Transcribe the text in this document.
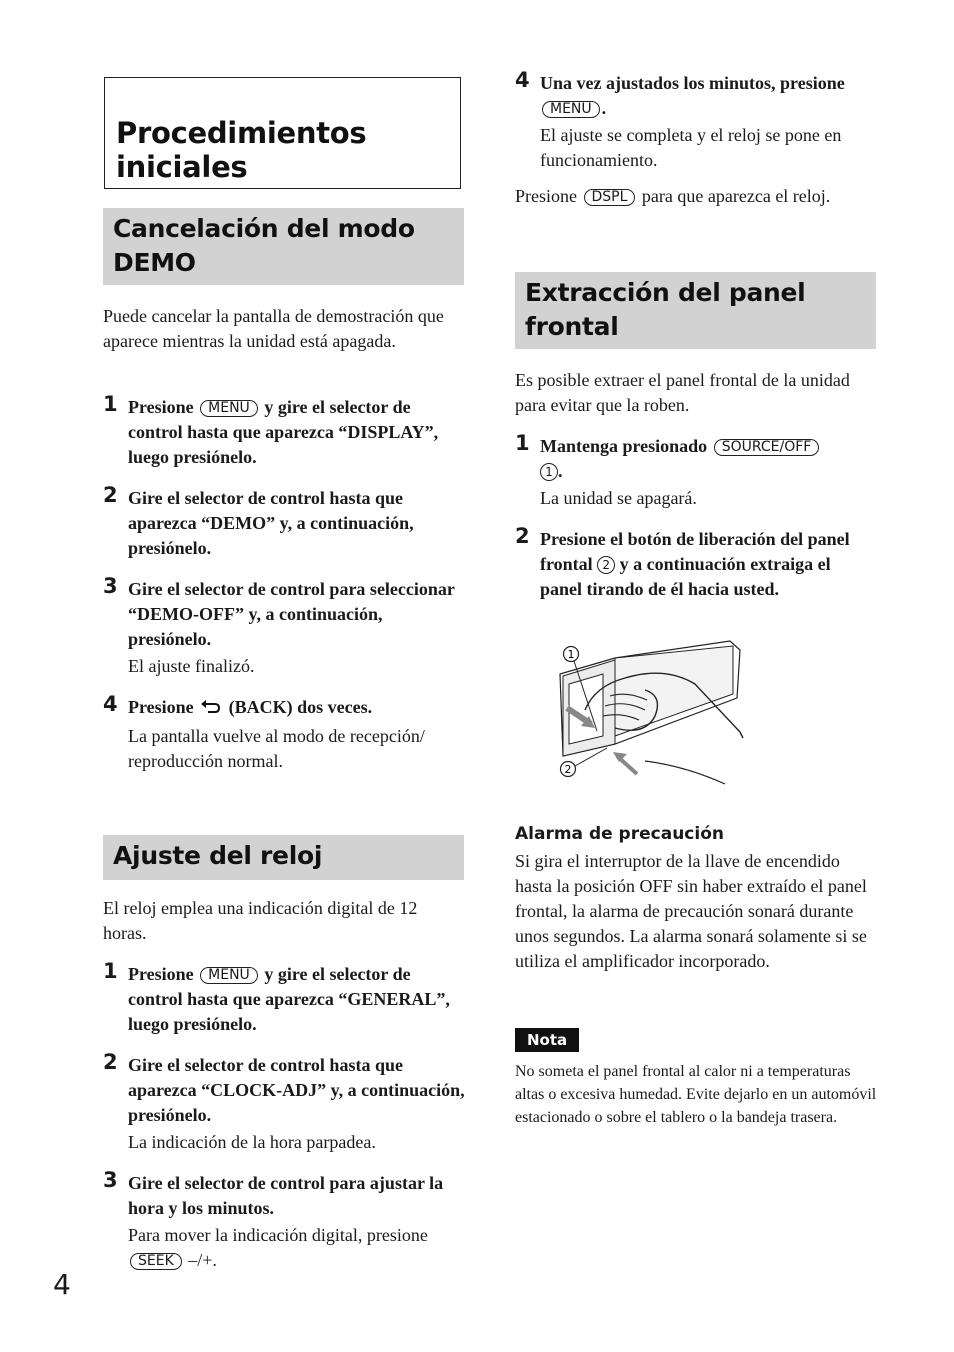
Procedimientos iniciales
Cancelación del modo DEMO

Puede cancelar la pantalla de demostración que aparece mientras la unidad está apagada.

1 Presione MENU y gire el selector de control hasta que aparezca “DISPLAY”, luego presiónelo.

2 Gire el selector de control hasta que aparezca “DEMO” y, a continuación, presiónelo.

3 Gire el selector de control para seleccionar “DEMO-OFF” y, a continuación, presiónelo.

El ajuste finalizó.

4 Presione (BACK) dos veces.

La pantalla vuelve al modo de recepción/ reproducción normal.

Ajuste del reloj

El reloj emplea una indicación digital de 12 horas.

1 Presione MENU y gire el selector de control hasta que aparezca “GENERAL”, luego presiónelo.

2 Gire el selector de control hasta que aparezca “CLOCK-ADJ” y, a continuación, presiónelo.

La indicación de la hora parpadea.

3 Gire el selector de control para ajustar la hora y los minutos.

Para mover la indicación digital, presione SEEK –/+.

4

4 Una vez ajustados los minutos, presioneMENU .

El ajuste se completa y el reloj se pone en funcionamiento.

Presione DSPL para que aparezca el reloj.

Extracción del panel frontal

Es posible extraer el panel frontal de la unidad para evitar que la roben.

1 Mantenga presionado SOURCE/OFF
1 .

La unidad se apagará.

2 Presione el botón de liberación del panel frontal 2 y a continuación extraiga el panel tirando de él hacia usted.

1
2

Alarma de precaución

Si gira el interruptor de la llave de encendido hasta la posición OFF sin haber extraído el panel frontal, la alarma de precaución sonará durante unos segundos. La alarma sonará solamente si se utiliza el amplificador incorporado.

Nota

No someta el panel frontal al calor ni a temperaturas altas o excesiva humedad. Evite dejarlo en un automóvil estacionado o sobre el tablero o la bandeja trasera.
